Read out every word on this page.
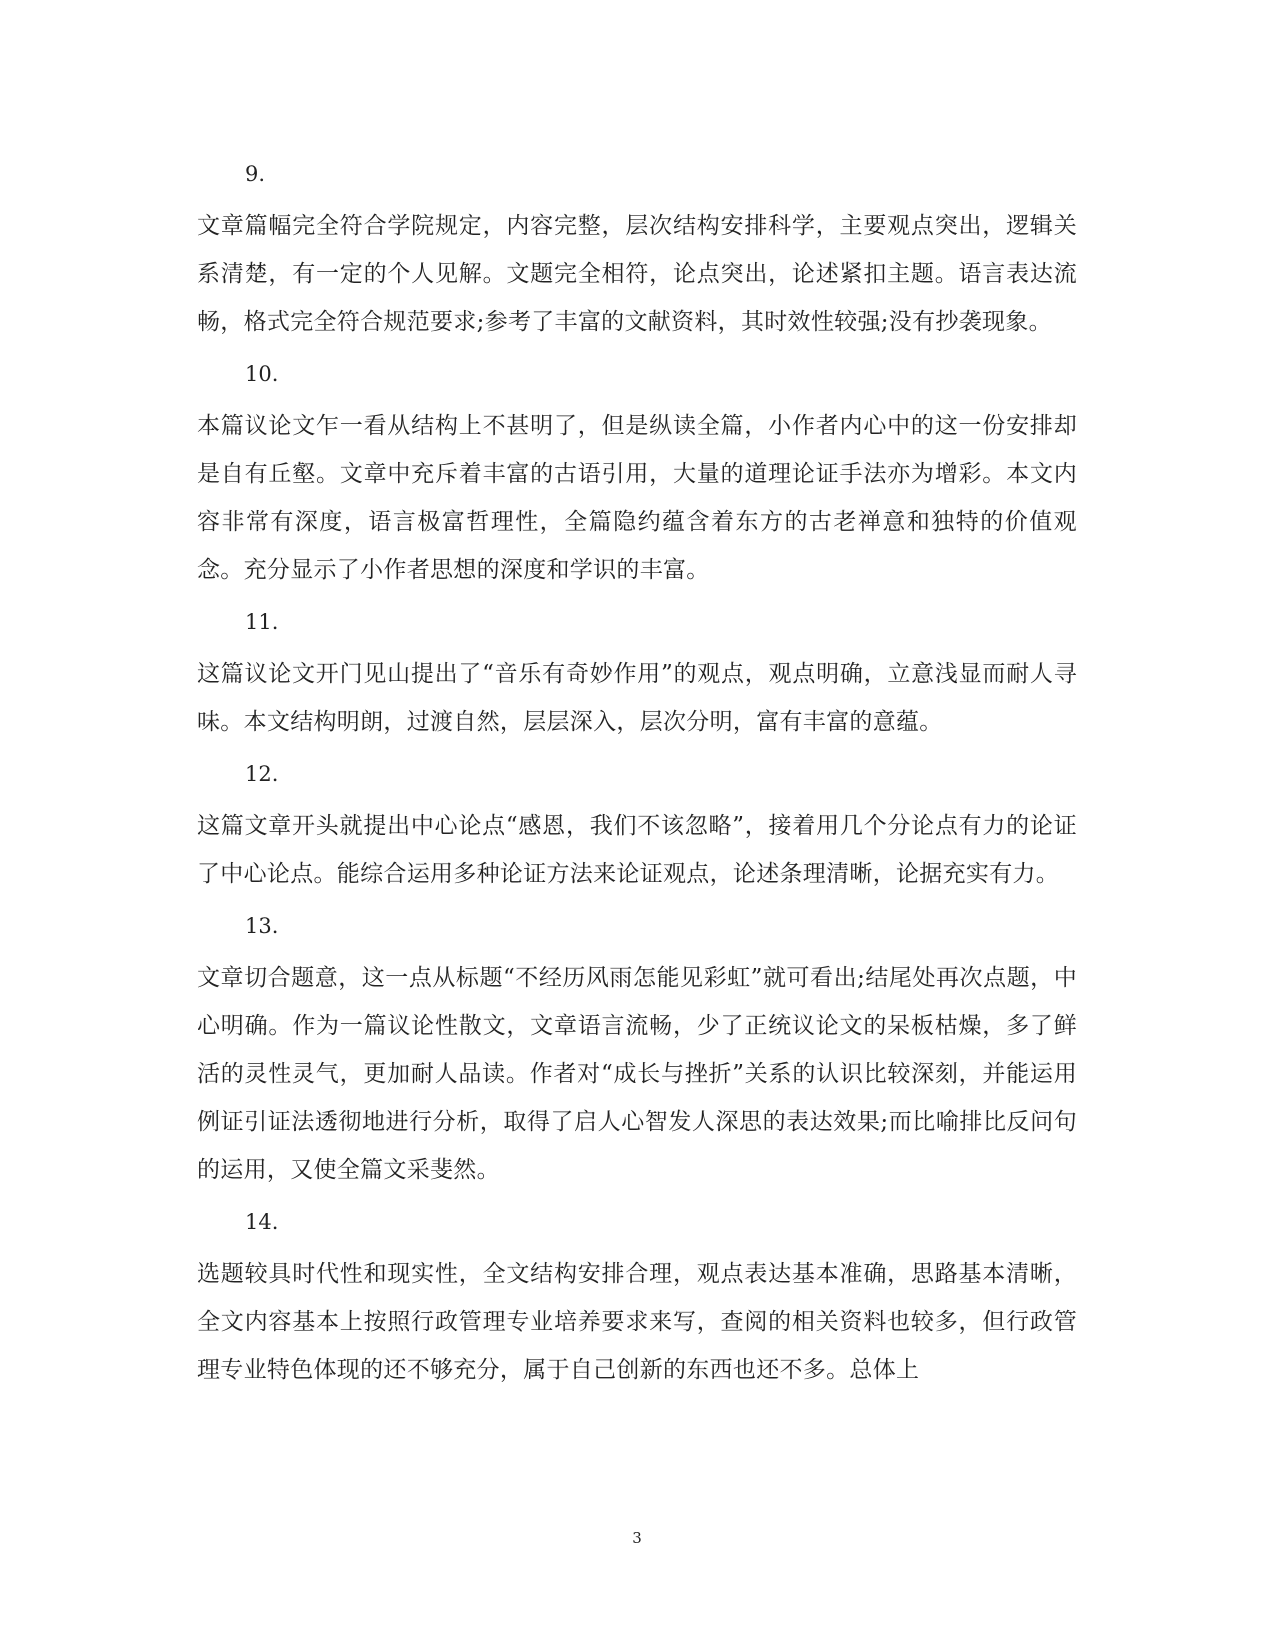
9.
文章篇幅完全符合学院规定，内容完整，层次结构安排科学，主要观点突出，逻辑关系清楚，有一定的个人见解。文题完全相符，论点突出，论述紧扣主题。语言表达流畅，格式完全符合规范要求;参考了丰富的文献资料，其时效性较强;没有抄袭现象。
10.
本篇议论文乍一看从结构上不甚明了，但是纵读全篇，小作者内心中的这一份安排却是自有丘壑。文章中充斥着丰富的古语引用，大量的道理论证手法亦为增彩。本文内容非常有深度，语言极富哲理性，全篇隐约蕴含着东方的古老禅意和独特的价值观念。充分显示了小作者思想的深度和学识的丰富。
11.
这篇议论文开门见山提出了“音乐有奇妙作用”的观点，观点明确，立意浅显而耐人寻味。本文结构明朗，过渡自然，层层深入，层次分明，富有丰富的意蕴。
12.
这篇文章开头就提出中心论点“感恩，我们不该忽略”，接着用几个分论点有力的论证了中心论点。能综合运用多种论证方法来论证观点，论述条理清晰，论据充实有力。
13.
文章切合题意，这一点从标题“不经历风雨怎能见彩虹”就可看出;结尾处再次点题，中心明确。作为一篇议论性散文，文章语言流畅，少了正统议论文的呆板枯燥，多了鲜活的灵性灵气，更加耐人品读。作者对“成长与挫折”关系的认识比较深刻，并能运用例证引证法透彻地进行分析，取得了启人心智发人深思的表达效果;而比喻排比反问句的运用，又使全篇文采斐然。
14.
选题较具时代性和现实性，全文结构安排合理，观点表达基本准确，思路基本清晰，全文内容基本上按照行政管理专业培养要求来写，查阅的相关资料也较多，但行政管理专业特色体现的还不够充分，属于自己创新的东西也还不多。总体上
3
